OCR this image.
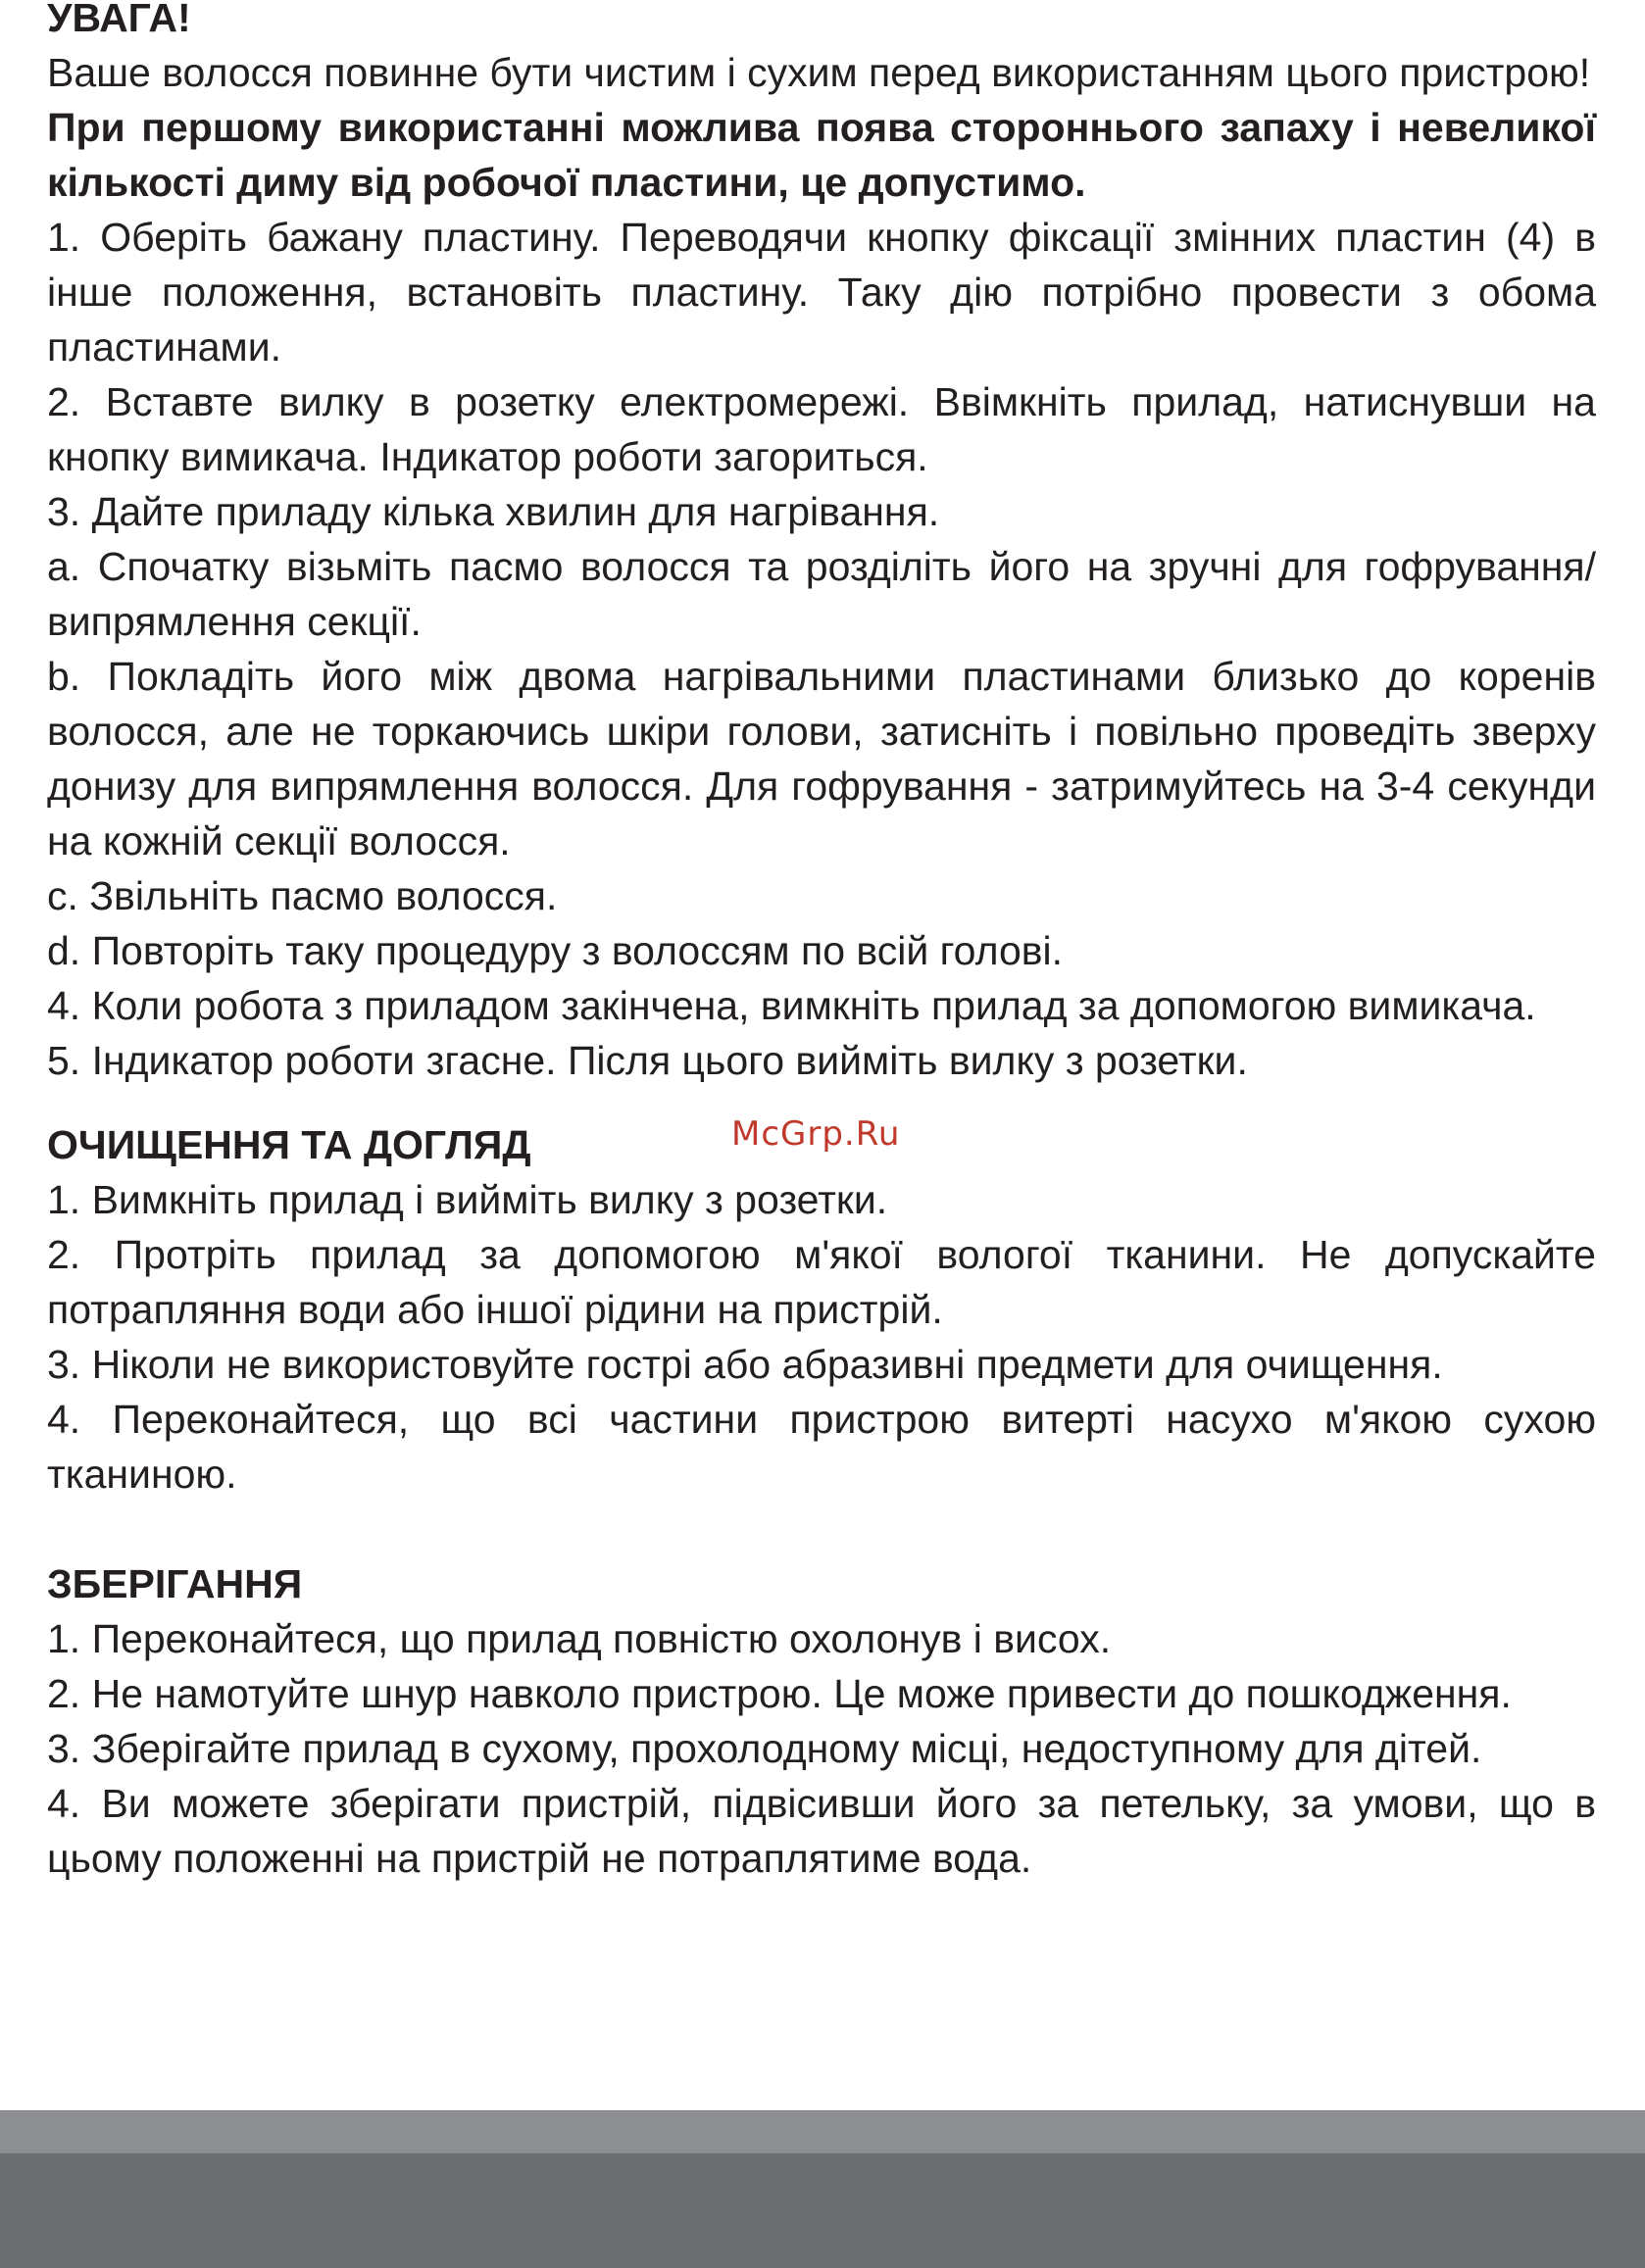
УВАГА!

Ваше волосся повинне бути чистим і сухим перед використанням цього пристрою!

При першому використанні можлива поява стороннього запаху і невеликої кількості диму від робочої пластини, це допустимо.

1. Оберіть бажану пластину. Переводячи кнопку фіксації змінних пластин (4) в інше положення, встановіть пластину. Таку дію потрібно провести з обома пластинами.

2. Вставте вилку в розетку електромережі. Ввімкніть прилад, натиснувши на кнопку вимикача. Індикатор роботи загориться.

3. Дайте приладу кілька хвилин для нагрівання.

a. Спочатку візьміть пасмо волосся та розділіть його на зручні для гофрування/випрямлення секції.

b. Покладіть його між двома нагрівальними пластинами близько до коренів волосся, але не торкаючись шкіри голови, затисніть і повільно проведіть зверху донизу для випрямлення волосся. Для гофрування - затримуйтесь на 3-4 секунди на кожній секції волосся.

c. Звільніть пасмо волосся.

d. Повторіть таку процедуру з волоссям по всій голові.

4. Коли робота з приладом закінчена, вимкніть прилад за допомогою вимикача.

5. Індикатор роботи згасне. Після цього вийміть вилку з розетки.

ОЧИЩЕННЯ ТА ДОГЛЯД

1. Вимкніть прилад і вийміть вилку з розетки.

2. Протріть прилад за допомогою м'якої вологої тканини. Не допускайте потрапляння води або іншої рідини на пристрій.

3. Ніколи не використовуйте гострі або абразивні предмети для очищення.

4. Переконайтеся, що всі частини пристрою витерті насухо м'якою сухою тканиною.

ЗБЕРІГАННЯ

1. Переконайтеся, що прилад повністю охолонув і висох.

2. Не намотуйте шнур навколо пристрою. Це може привести до пошкодження.

3. Зберігайте прилад в сухому, прохолодному місці, недоступному для дітей.

4. Ви можете зберігати пристрій, підвісивши його за петельку, за умови, що в цьому положенні на пристрій не потраплятиме вода.

McGrp.Ru
